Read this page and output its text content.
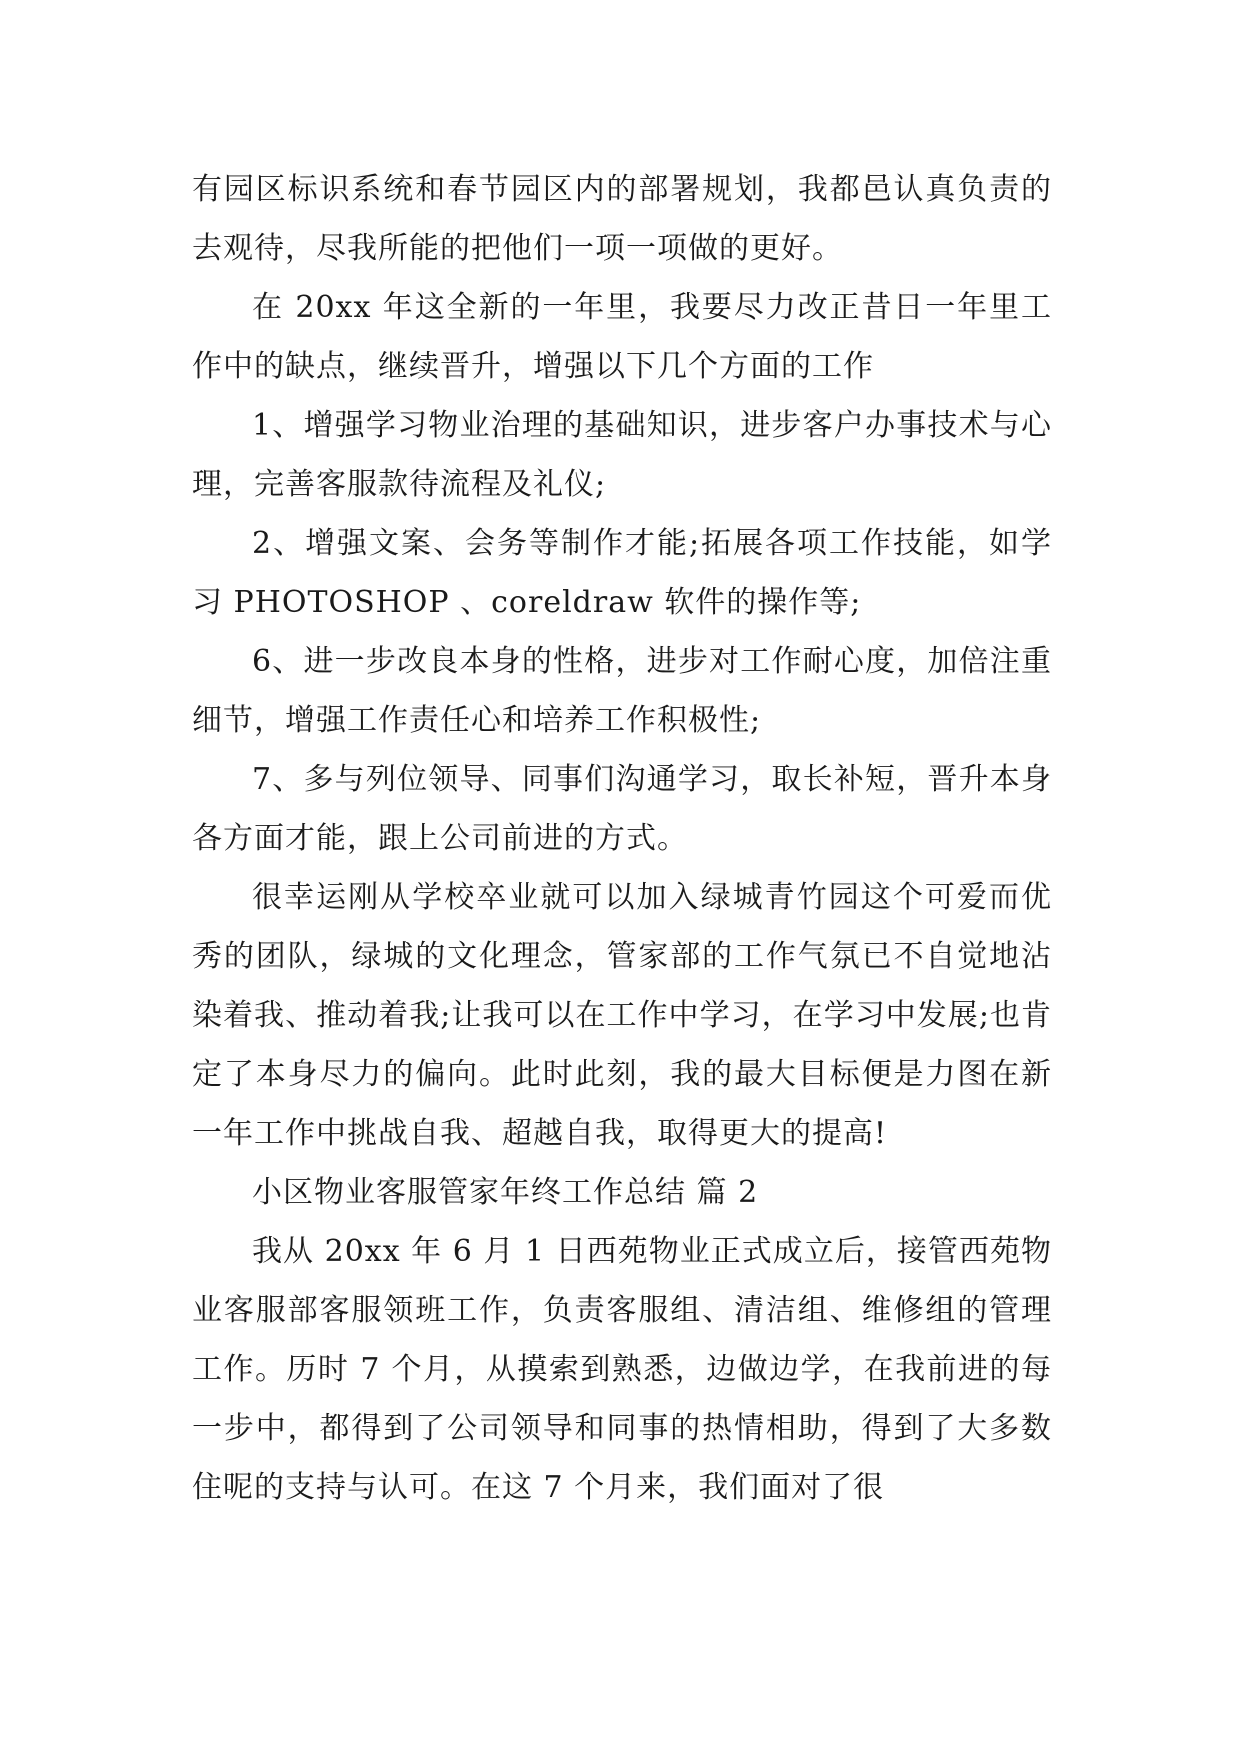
有园区标识系统和春节园区内的部署规划，我都邑认真负责的去观待，尽我所能的把他们一项一项做的更好。

在 20xx 年这全新的一年里，我要尽力改正昔日一年里工作中的缺点，继续晋升，增强以下几个方面的工作

1、增强学习物业治理的基础知识，进步客户办事技术与心理，完善客服款待流程及礼仪;

2、增强文案、会务等制作才能;拓展各项工作技能，如学习 PHOTOSHOP 、coreldraw 软件的操作等;

6、进一步改良本身的性格，进步对工作耐心度，加倍注重细节，增强工作责任心和培养工作积极性;

7、多与列位领导、同事们沟通学习，取长补短，晋升本身各方面才能，跟上公司前进的方式。

很幸运刚从学校卒业就可以加入绿城青竹园这个可爱而优秀的团队，绿城的文化理念，管家部的工作气氛已不自觉地沾染着我、推动着我;让我可以在工作中学习，在学习中发展;也肯定了本身尽力的偏向。此时此刻，我的最大目标便是力图在新一年工作中挑战自我、超越自我，取得更大的提高!

小区物业客服管家年终工作总结 篇 2

我从 20xx 年 6 月 1 日西苑物业正式成立后，接管西苑物业客服部客服领班工作，负责客服组、清洁组、维修组的管理工作。历时 7 个月，从摸索到熟悉，边做边学，在我前进的每一步中，都得到了公司领导和同事的热情相助，得到了大多数住呢的支持与认可。在这 7 个月来，我们面对了很
